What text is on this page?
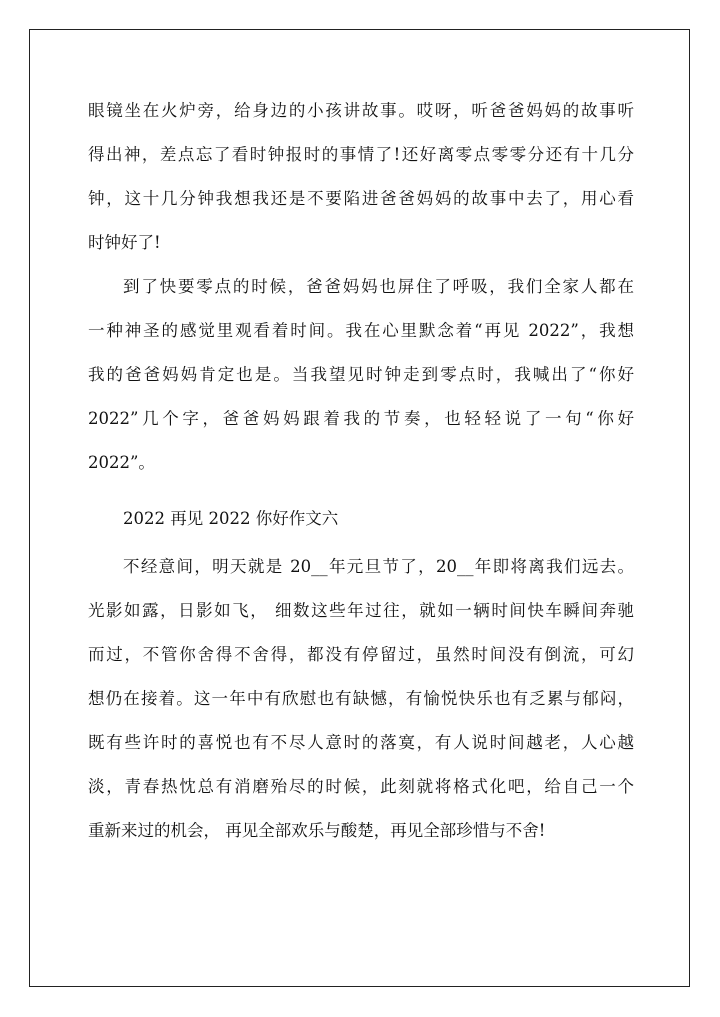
眼镜坐在火炉旁，给身边的小孩讲故事。哎呀，听爸爸妈妈的故事听
得出神，差点忘了看时钟报时的事情了!还好离零点零零分还有十几分
钟，这十几分钟我想我还是不要陷进爸爸妈妈的故事中去了，用心看
时钟好了!
到了快要零点的时候，爸爸妈妈也屏住了呼吸，我们全家人都在
一种神圣的感觉里观看着时间。我在心里默念着“再见 2022”，我想
我的爸爸妈妈肯定也是。当我望见时钟走到零点时，我喊出了“你好
2022”几个字，爸爸妈妈跟着我的节奏，也轻轻说了一句“你好
2022”。
2022 再见 2022 你好作文六
不经意间，明天就是 20__年元旦节了，20__年即将离我们远去。
光影如露，日影如飞， 细数这些年过往，就如一辆时间快车瞬间奔驰
而过，不管你舍得不舍得，都没有停留过，虽然时间没有倒流，可幻
想仍在接着。这一年中有欣慰也有缺憾，有愉悦快乐也有乏累与郁闷，
既有些许时的喜悦也有不尽人意时的落寞，有人说时间越老，人心越
淡，青春热忱总有消磨殆尽的时候，此刻就将格式化吧，给自己一个
重新来过的机会， 再见全部欢乐与酸楚，再见全部珍惜与不舍!
